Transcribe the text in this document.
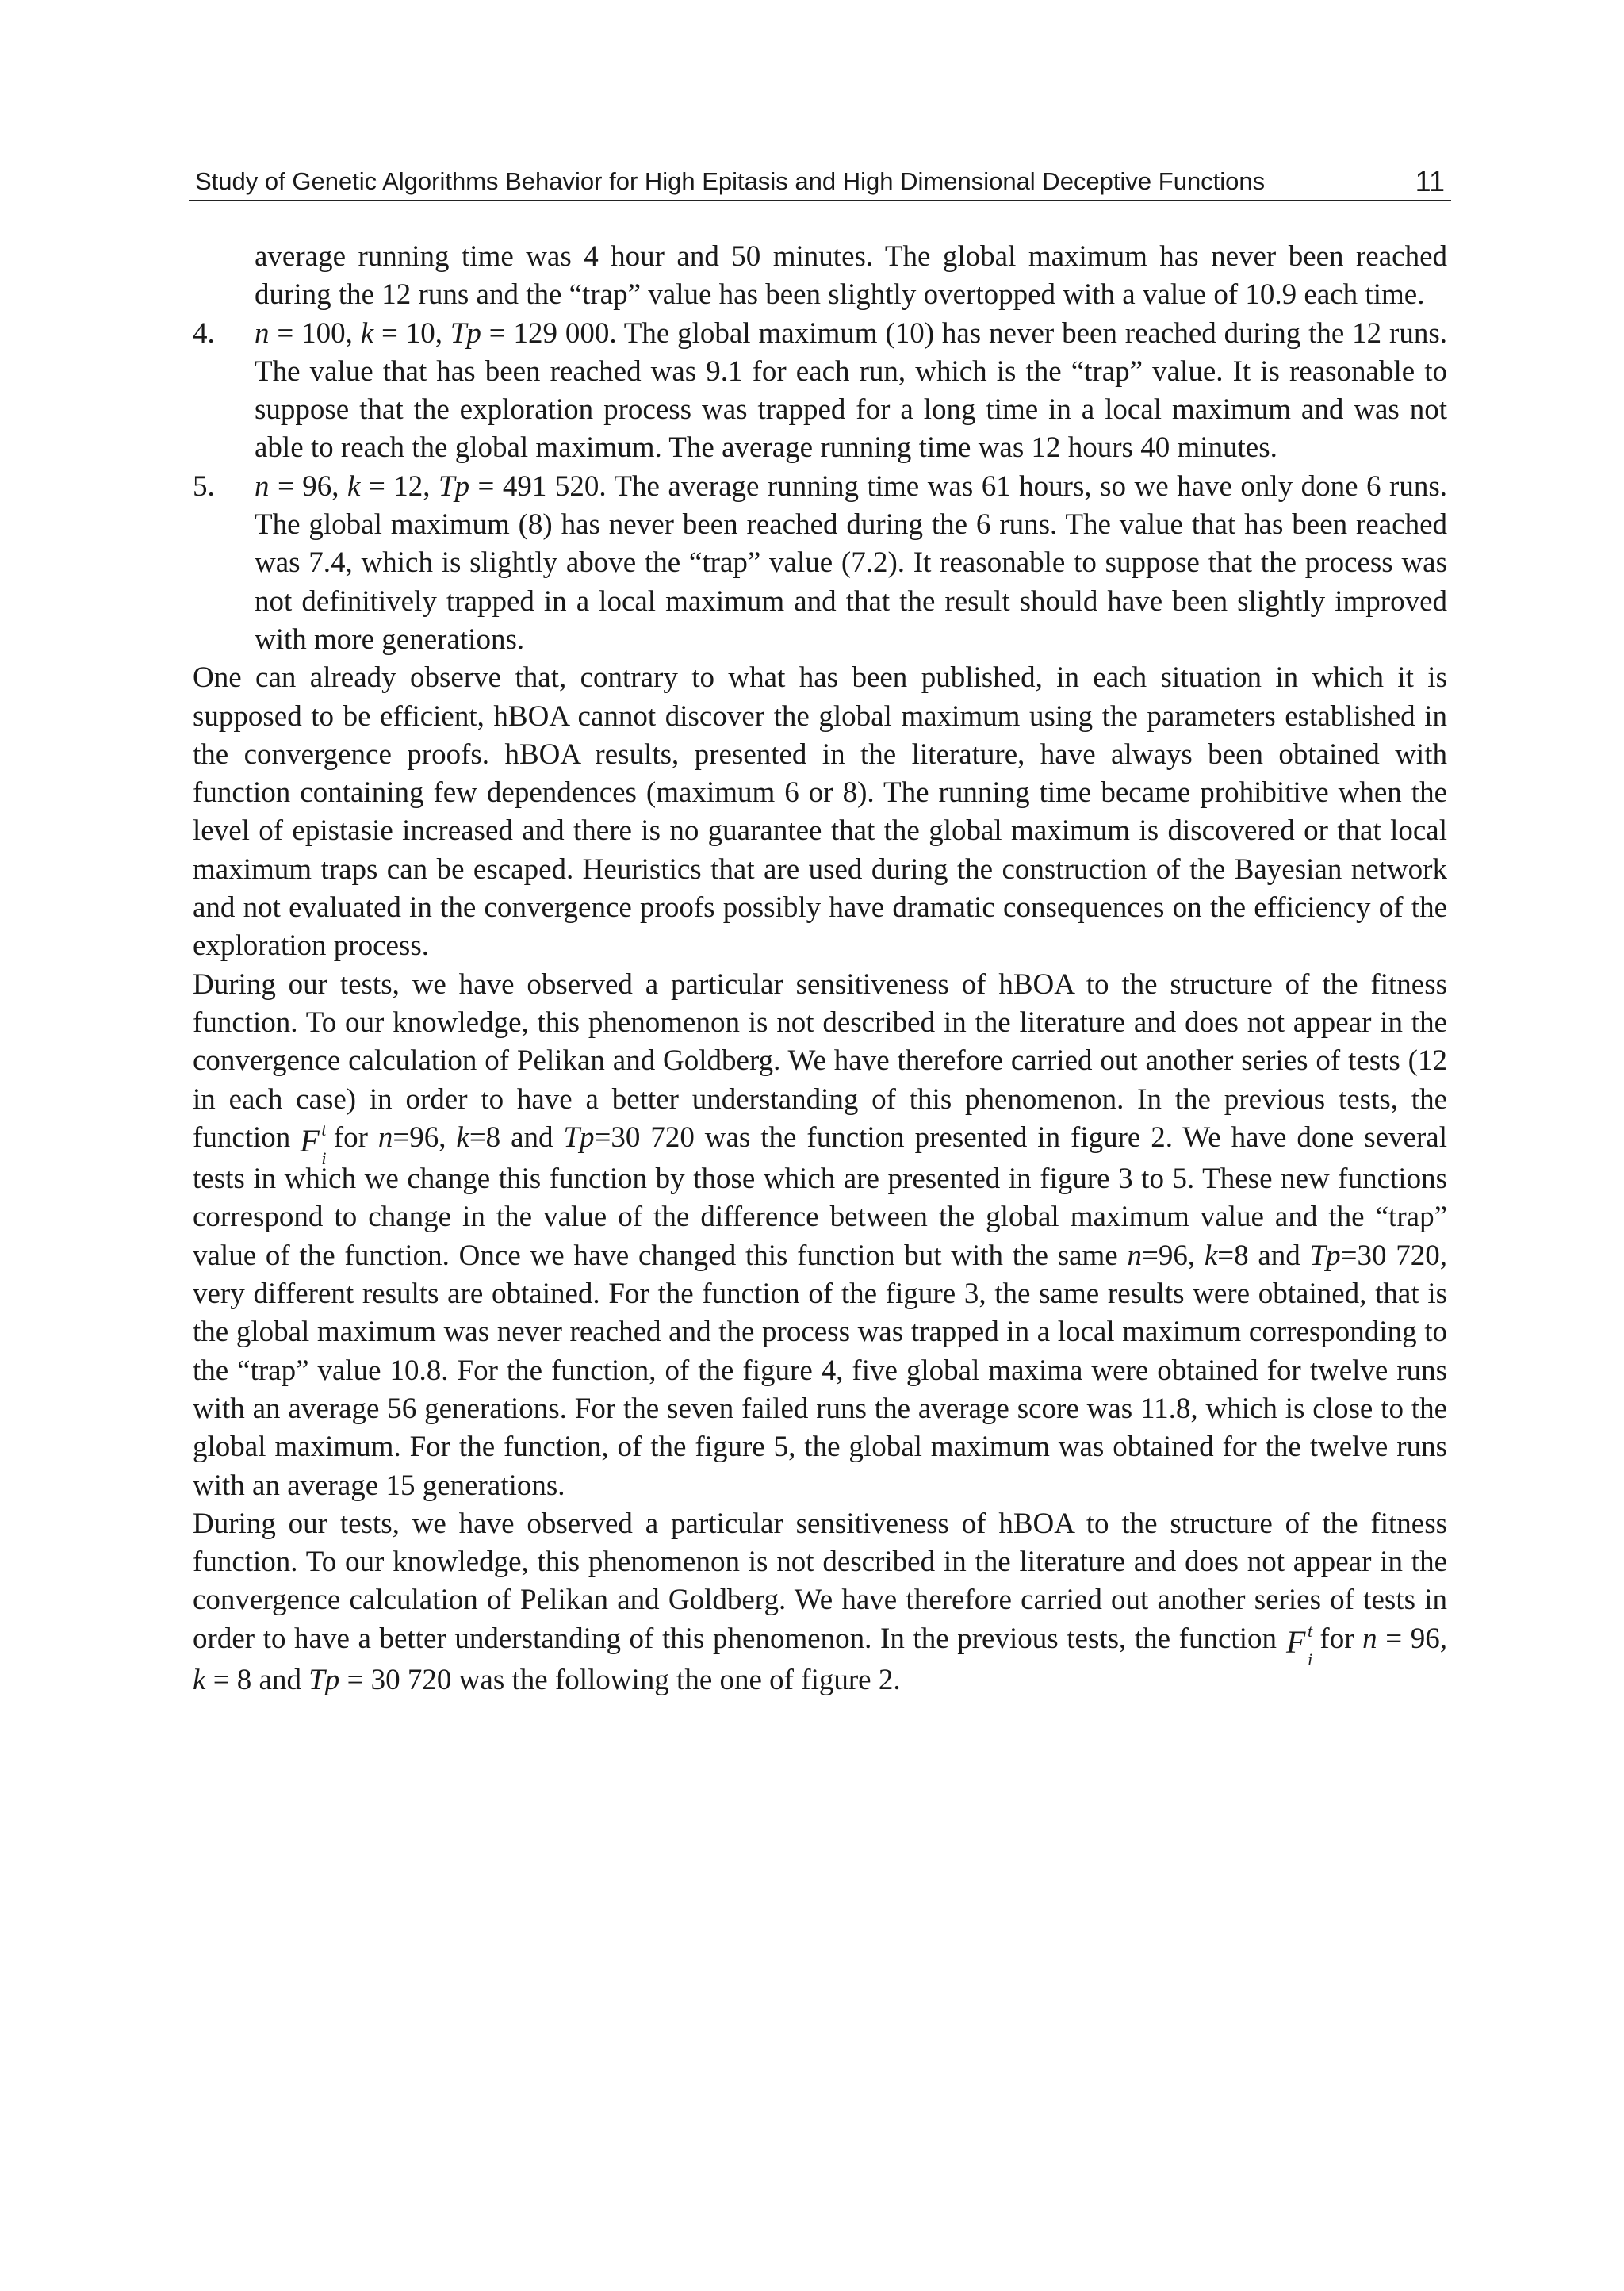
Study of Genetic Algorithms Behavior for High Epitasis and High Dimensional Deceptive Functions	11

average running time was 4 hour and 50 minutes. The global maximum has never been reached during the 12 runs and the “trap” value has been slightly overtopped with a value of 10.9 each time.

4. n = 100, k = 10, Tp = 129 000. The global maximum (10) has never been reached during the 12 runs. The value that has been reached was 9.1 for each run, which is the “trap” value. It is reasonable to suppose that the exploration process was trapped for a long time in a local maximum and was not able to reach the global maximum. The average running time was 12 hours 40 minutes.

5. n = 96, k = 12, Tp = 491 520. The average running time was 61 hours, so we have only done 6 runs. The global maximum (8) has never been reached during the 6 runs. The value that has been reached was 7.4, which is slightly above the “trap” value (7.2). It reasonable to suppose that the process was not definitively trapped in a local maximum and that the result should have been slightly improved with more generations.

One can already observe that, contrary to what has been published, in each situation in which it is supposed to be efficient, hBOA cannot discover the global maximum using the parameters established in the convergence proofs. hBOA results, presented in the literature, have always been obtained with function containing few dependences (maximum 6 or 8). The running time became prohibitive when the level of epistasie increased and there is no guarantee that the global maximum is discovered or that local maximum traps can be escaped. Heuristics that are used during the construction of the Bayesian network and not evaluated in the convergence proofs possibly have dramatic consequences on the efficiency of the exploration process.

During our tests, we have observed a particular sensitiveness of hBOA to the structure of the fitness function. To our knowledge, this phenomenon is not described in the literature and does not appear in the convergence calculation of Pelikan and Goldberg. We have therefore carried out another series of tests (12 in each case) in order to have a better understanding of this phenomenon. In the previous tests, the function F t
i
for n=96, k=8 and Tp=30 720 was the function presented in figure 2. We have done several tests in which we change this function by those which are presented in figure 3 to 5. These new functions correspond to change in the value of the difference between the global maximum value and the “trap” value of the function. Once we have changed this function but with the same n=96, k=8 and Tp=30 720, very different results are obtained. For the function of the figure 3, the same results were obtained, that is the global maximum was never reached and the process was trapped in a local maximum corresponding to the “trap” value 10.8. For the function, of the figure 4, five global maxima were obtained for twelve runs with an average 56 generations. For the seven failed runs the average score was 11.8, which is close to the global maximum. For the function, of the figure 5, the global maximum was obtained for the twelve runs with an average 15 generations.

During our tests, we have observed a particular sensitiveness of hBOA to the structure of the fitness function. To our knowledge, this phenomenon is not described in the literature and does not appear in the convergence calculation of Pelikan and Goldberg. We have therefore carried out another series of tests in order to have a better understanding of this phenomenon. In the previous tests, the function F t
i
for n = 96, k = 8 and Tp = 30 720 was the following the one of figure 2.
